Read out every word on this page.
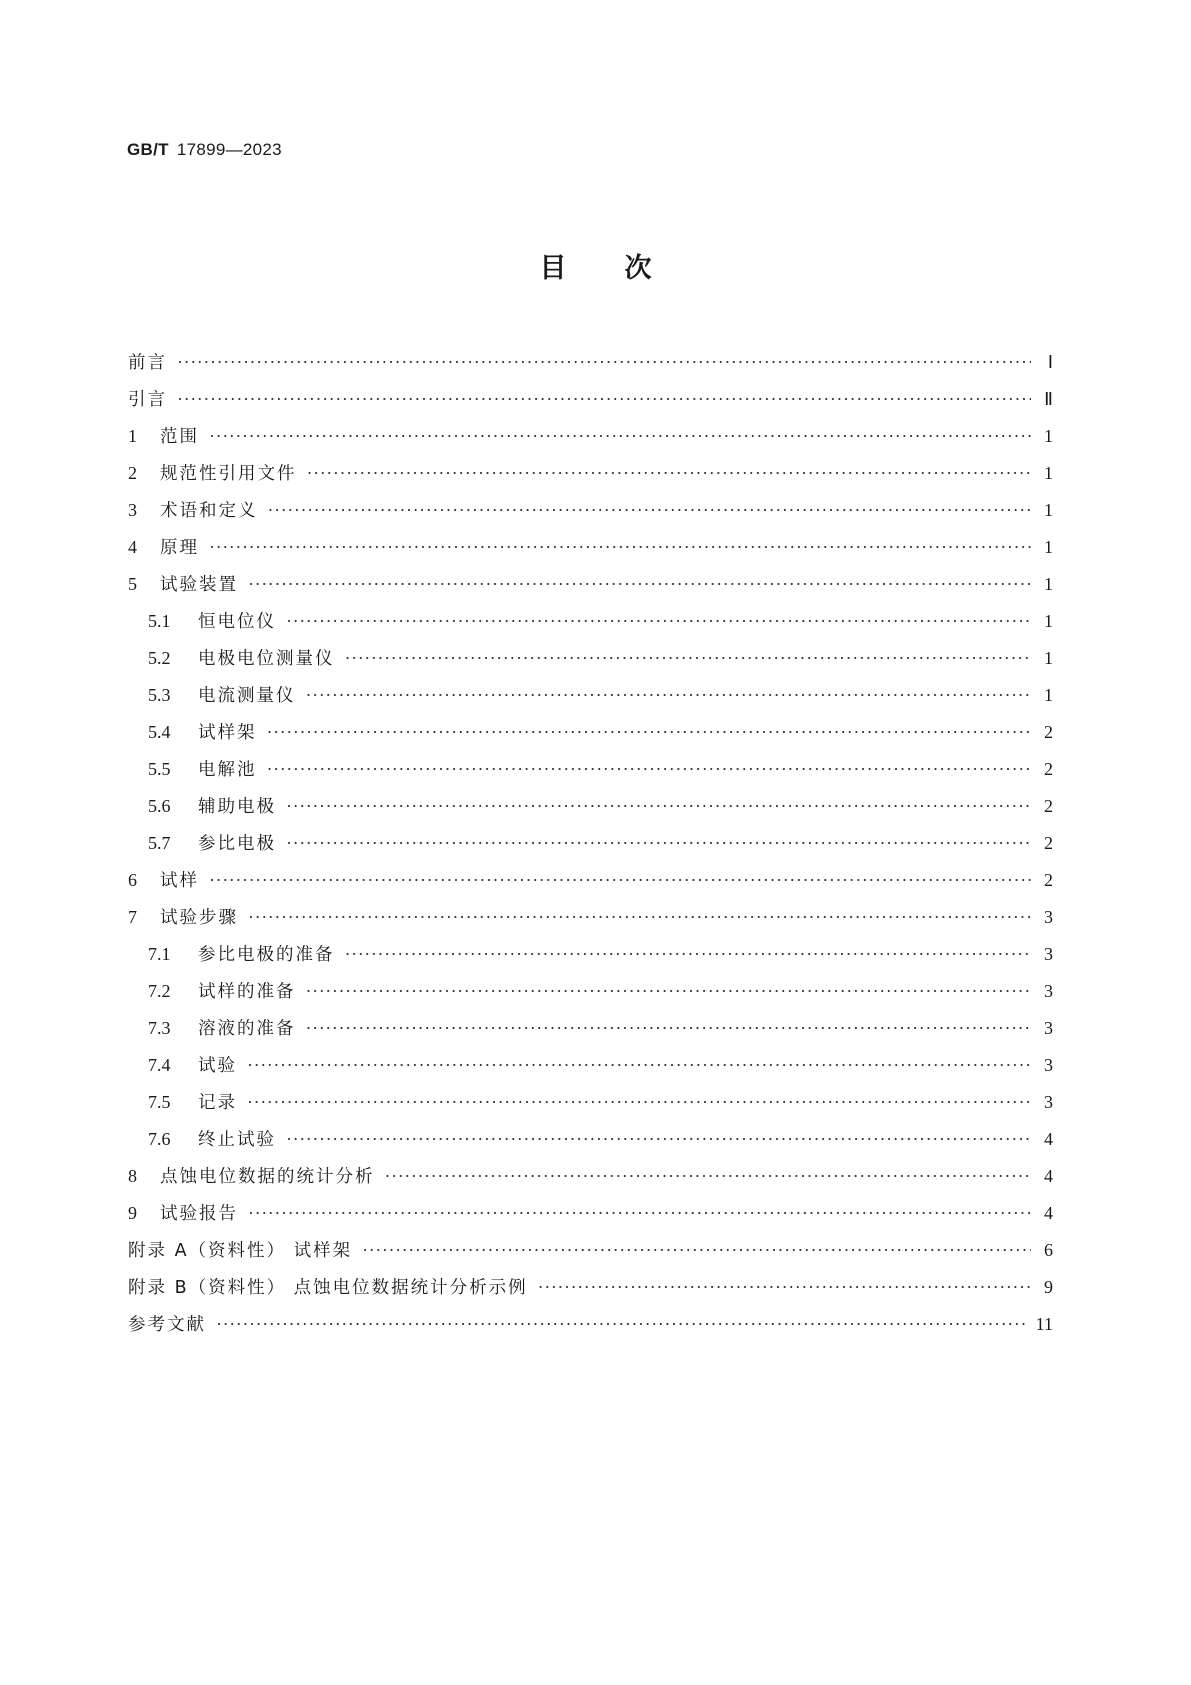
GB/T 17899—2023
目次
前言 ·····	Ⅰ
引言 ·····	Ⅱ
1	范围 ·····	1
2	规范性引用文件 ·····	1
3	术语和定义 ·····	1
4	原理 ·····	1
5	试验装置 ·····	1
5.1	恒电位仪 ·····	1
5.2	电极电位测量仪 ·····	1
5.3	电流测量仪 ·····	1
5.4	试样架 ·····	2
5.5	电解池 ·····	2
5.6	辅助电极 ·····	2
5.7	参比电极 ·····	2
6	试样 ·····	2
7	试验步骤 ·····	3
7.1	参比电极的准备 ·····	3
7.2	试样的准备 ·····	3
7.3	溶液的准备 ·····	3
7.4	试验 ·····	3
7.5	记录 ·····	3
7.6	终止试验 ·····	4
8	点蚀电位数据的统计分析 ·····	4
9	试验报告 ·····	4
附录 A（资料性） 试样架 ·····	6
附录 B（资料性） 点蚀电位数据统计分析示例 ·····	9
参考文献 ·····	11
